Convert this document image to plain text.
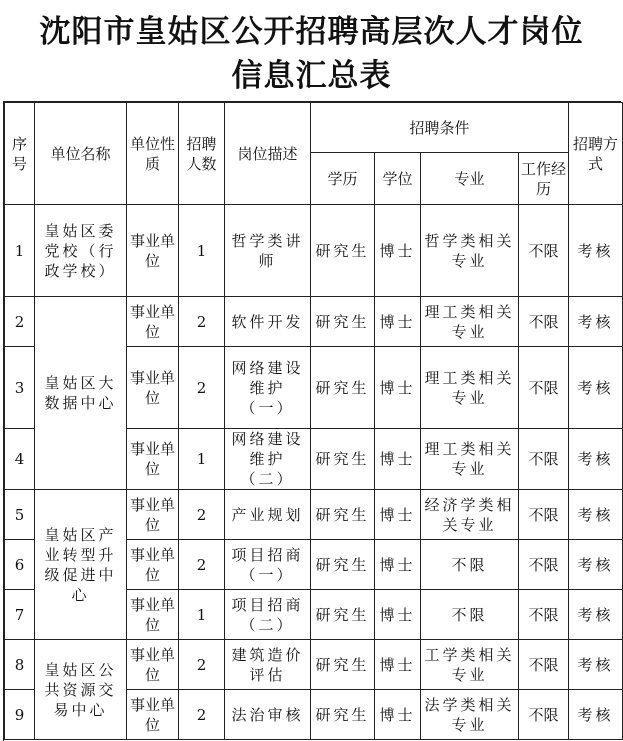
沈阳市皇姑区公开招聘高层次人才岗位
信息汇总表
序号	单位名称	单位性质	招聘人数	岗位描述	招聘条件				招聘方式
					学历	学位	专业	工作经历	
1	皇姑区委党校（行政学校）	事业单位	1	哲学类讲师	研究生	博士	哲学类相关专业	不限	考核
2	皇姑区大数据中心	事业单位	2	软件开发	研究生	博士	理工类相关专业	不限	考核
3		事业单位	2	网络建设维护（一）	研究生	博士	理工类相关专业	不限	考核
4		事业单位	1	网络建设维护（二）	研究生	博士	理工类相关专业	不限	考核
5	皇姑区产业转型升级促进中心	事业单位	2	产业规划	研究生	博士	经济学类相关专业	不限	考核
6		事业单位	2	项目招商（一）	研究生	博士	不限	不限	考核
7		事业单位	1	项目招商（二）	研究生	博士	不限	不限	考核
8	皇姑区公共资源交易中心	事业单位	2	建筑造价评估	研究生	博士	工学类相关专业	不限	考核
9		事业单位	2	法治审核	研究生	博士	法学类相关专业	不限	考核
